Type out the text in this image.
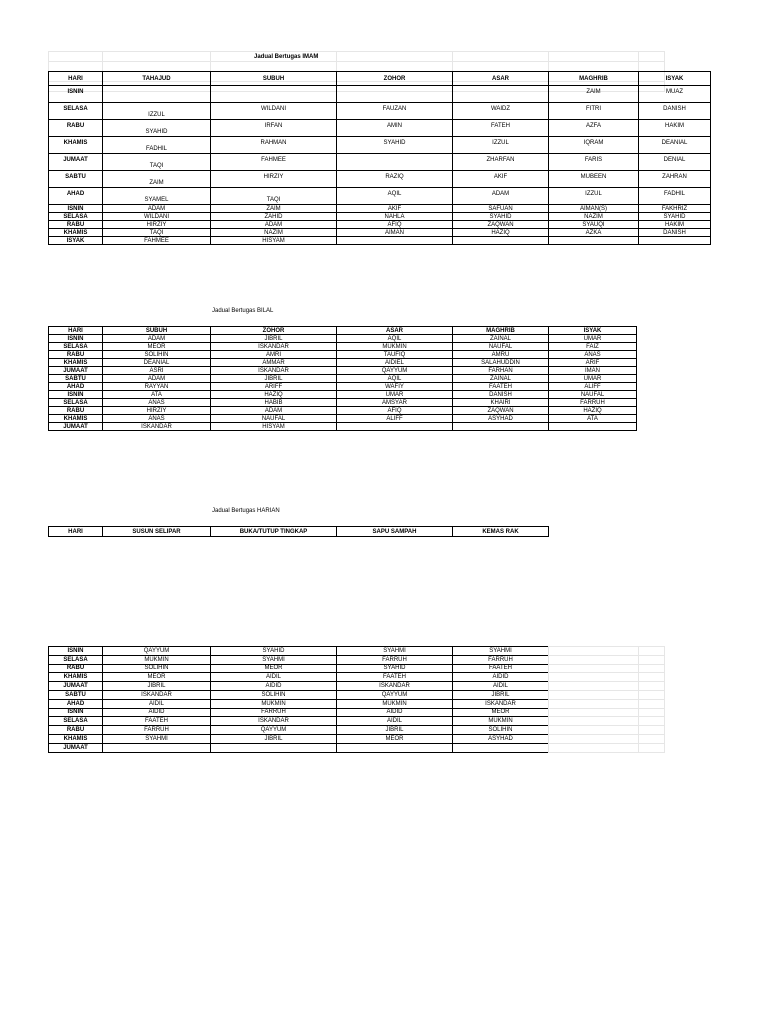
Jadual Bertugas IMAM
Jadual Bertugas BILAL
Jadual Bertugas HARIAN

HARI	TAHAJUD	SUBUH	ZOHOR	ASAR	MAGHRIB	ISYAK
ISNIN					ZAIM	MUAZ
SELASA	IZZUL	WILDANI	FAUZAN	WAIDZ	FITRI	DANISH
RABU	SYAHID	IRFAN	AMIN	FATEH	AZFA	HAKIM
KHAMIS	FADHIL	RAHMAN	SYAHID	IZZUL	IQRAM	DEANIAL
JUMAAT	TAQI	FAHMEE		ZHARFAN	FARIS	DENIAL
SABTU	ZAIM	HIRZIY	RAZIQ	AKIF	MUBEEN	ZAHRAN
AHAD	SYAMEL	TAQI	AQIL	ADAM	IZZUL	FADHIL
ISNIN	ADAM	ZAIM	AKIF	SAFUAN	AIMAN(S)	FAKHRIZ
SELASA	WILDANI	ZAHID	NAHLA	SYAHID	NAZIM	SYAHID
RABU	HIRZIY	ADAM	AFIQ	ZAQWAN	SYAUQI	HAKIM
KHAMIS	TAQI	NAZIM	AIMAN	HAZIQ	AZKA	DANISH
ISYAK	FAHMEE	HISYAM				
HARI	SUBUH	ZOHOR	ASAR	MAGHRIB	ISYAK
ISNIN	ADAM	JIBRIL	AQIL	ZAINAL	UMAR
SELASA	MEOR	ISKANDAR	MUKMIN	NAUFAL	FAIZ
RABU	SOLIHIN	AMRI	TAUFIQ	AMRU	ANAS
KHAMIS	DEANIAL	AMMAR	AIDIEL	SALAHUDDIN	ARIF
JUMAAT	ASRI	ISKANDAR	QAYYUM	FARHAN	IMAN
SABTU	ADAM	JIBRIL	AQIL	ZAINAL	UMAR
AHAD	RAYYAN	ARIFF	WAFIY	FAATEH	ALIFF
ISNIN	ATA	HAZIQ	UMAR	DANISH	NAUFAL
SELASA	ANAS	HABIB	AMSYAR	KHAIRI	FARRUH
RABU	HIRZIY	ADAM	AFIQ	ZAQWAN	HAZIQ
KHAMIS	ANAS	NAUFAL	ALIFF	ASYHAD	ATA
JUMAAT	ISKANDAR	HISYAM			
HARI	SUSUN SELIPAR	BUKA/TUTUP TINGKAP	SAPU SAMPAH	KEMAS RAK
ISNIN	QAYYUM	SYAHID	SYAHMI	SYAHMI
SELASA	MUKMIN	SYAHMI	FARRUH	FARRUH
RABU	SOLIHIN	MEOR	SYAHID	FAATEH
KHAMIS	MEOR	AIDIL	FAATEH	AIDID
JUMAAT	JIBRIL	AIDID	ISKANDAR	AIDIL
SABTU	ISKANDAR	SOLIHIN	QAYYUM	JIBRIL
AHAD	AIDIL	MUKMIN	MUKMIN	ISKANDAR
ISNIN	AIDID	FARRUH	AIDID	MEOR
SELASA	FAATEH	ISKANDAR	AIDIL	MUKMIN
RABU	FARRUH	QAYYUM	JIBRIL	SOLIHIN
KHAMIS	SYAHMI	JIBRIL	MEOR	ASYHAD
JUMAAT				
